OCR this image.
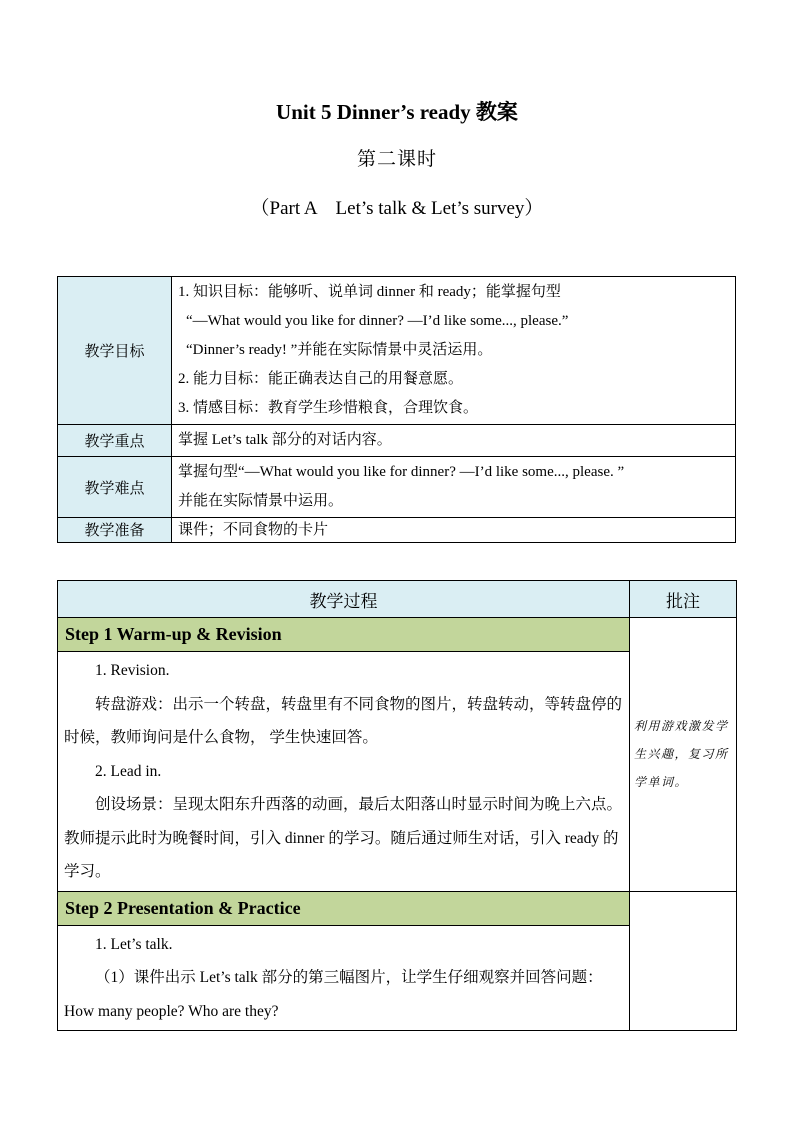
Unit 5 Dinner’s ready 教案
第二课时
（Part A　Let’s talk & Let’s survey）
教学目标	1. 知识目标：能够听、说单词 dinner 和 ready；能掌握句型
“—What would you like for dinner? —I’d like some..., please.”
“Dinner’s ready! ”并能在实际情景中灵活运用。
2. 能力目标：能正确表达自己的用餐意愿。
3. 情感目标：教育学生珍惜粮食，合理饮食。

教学重点	掌握 Let’s talk 部分的对话内容。

教学难点	掌握句型“—What would you like for dinner? —I’d like some..., please. ”
并能在实际情景中运用。

教学准备	课件；不同食物的卡片
教学过程	批注
Step 1 Warm-up & Revision	利用游戏激发学生兴趣，复习所学单词。

1. Revision.

转盘游戏：出示一个转盘，转盘里有不同食物的图片，转盘转动，等转盘停的时候，教师询问是什么食物， 学生快速回答。

2. Lead in.

创设场景：呈现太阳东升西落的动画，最后太阳落山时显示时间为晚上六点。教师提示此时为晚餐时间，引入 dinner 的学习。随后通过师生对话，引入 ready 的学习。	

Step 2 Presentation & Practice	

1. Let’s talk.

（1）课件出示 Let’s talk 部分的第三幅图片，让学生仔细观察并回答问题：How many people? Who are they?	
